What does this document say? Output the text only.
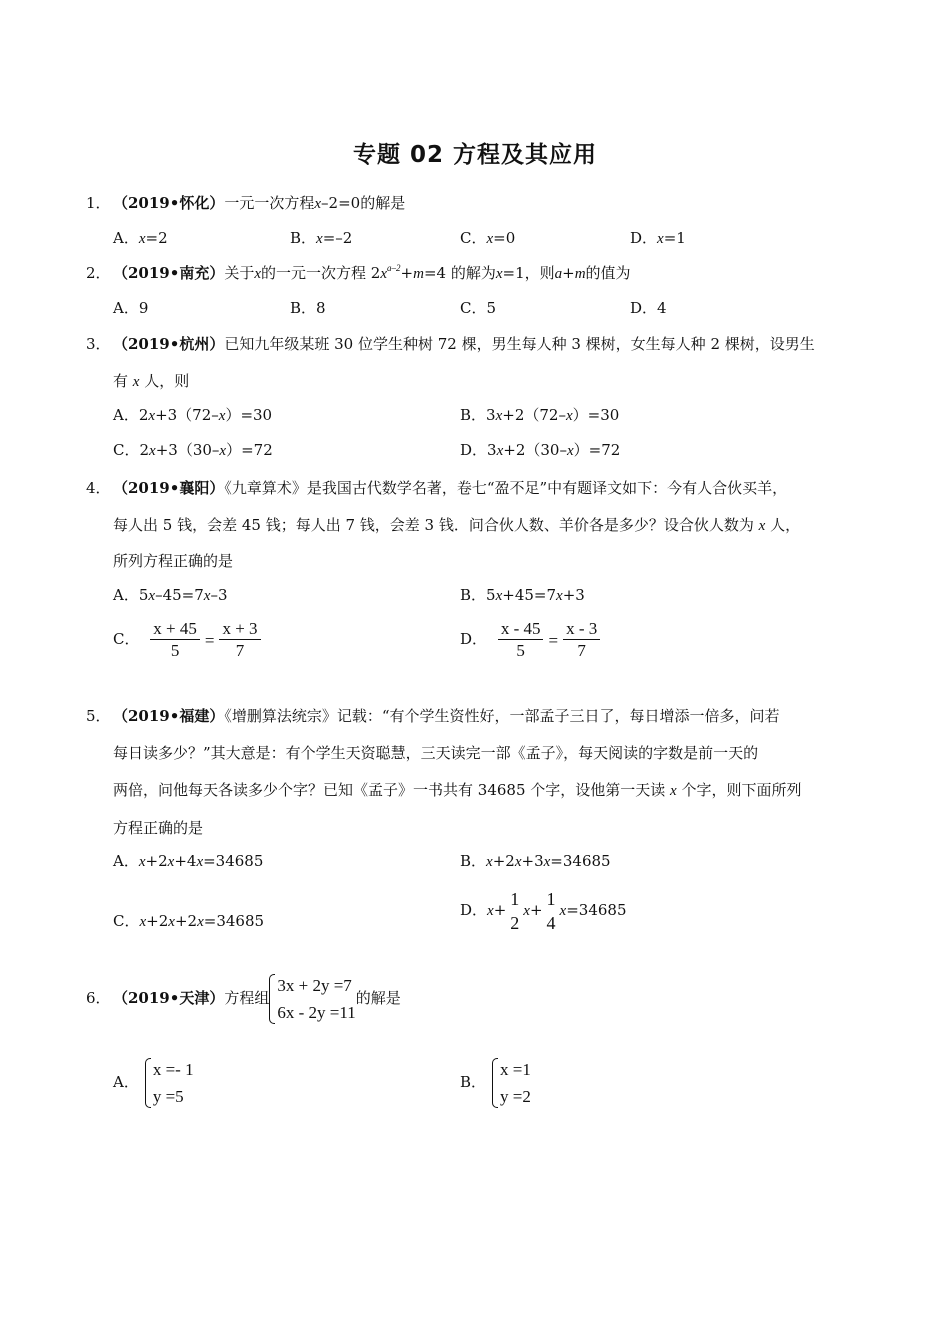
专题 02 方程及其应用
1． （2019•怀化）一元一次方程x–2=0的解是
A．x=2	B．x=–2	C．x=0	D．x=1
2． （2019•南充）关于x的一元一次方程 $2x^{a-2}+m=4$ 的解为x=1，则a+m的值为
A．9	B．8	C．5	D．4
3． （2019•杭州）已知九年级某班 30 位学生种树 72 棵，男生每人种 3 棵树，女生每人种 2 棵树，设男生
有 x 人，则
A．2x+3（72–x）=30	B．3x+2（72–x）=30
C．2x+3（30–x）=72	D．3x+2（30–x）=72
4． （2019•襄阳）《九章算术》是我国古代数学名著，卷七“盈不足”中有题译文如下：今有人合伙买羊，
每人出 5 钱，会差 45 钱；每人出 7 钱，会差 3 钱．问合伙人数、羊价各是多少？设合伙人数为 x 人，
所列方程正确的是
A．5x–45=7x–3	B．5x+45=7x+3
C． $\frac{x + 45}{5} = \frac{x + 3}{7}$	D． $\frac{x - 45}{5} = \frac{x - 3}{7}$
5． （2019•福建）《增删算法统宗》记载：“有个学生资性好，一部孟子三日了，每日增添一倍多，问若
每日读多少？”其大意是：有个学生天资聪慧，三天读完一部《孟子》，每天阅读的字数是前一天的
两倍，问他每天各读多少个字？已知《孟子》一书共有 34685 个字，设他第一天读 x 个字，则下面所列
方程正确的是
A．x+2x+4x=34685	B．x+2x+3x=34685
C．x+2x+2x=34685
D．x+
1
2
x+
1
4
x=34685
6． （2019•天津）方程组
3x + 2y =7
6x - 2y =11
的解是
A．
x =- 1
y =5
B．
x =1
y =2
